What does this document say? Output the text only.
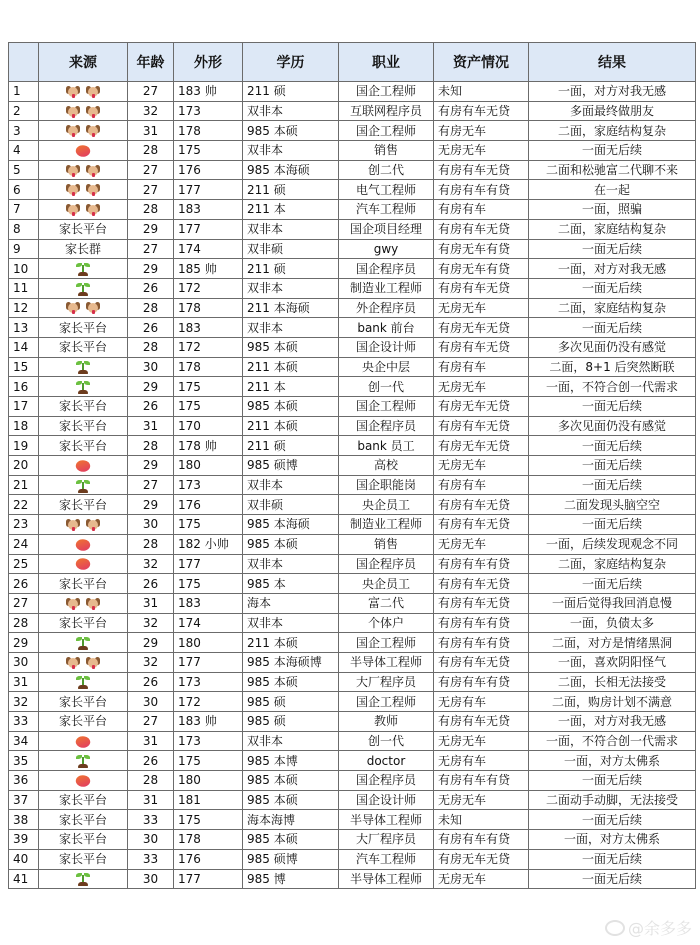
	来源	年龄	外形	学历	职业	资产情况	结果
1		27	183 帅	211 硕	国企工程师	未知	一面，对方对我无感
2		32	173	双非本	互联网程序员	有房有车无贷	多面最终做朋友
3		31	178	985 本硕	国企工程师	有房无车	二面，家庭结构复杂
4		28	175	双非本	销售	无房无车	一面无后续
5		27	176	985 本海硕	创二代	有房有车无贷	二面和松驰富二代聊不来
6		27	177	211 硕	电气工程师	有房有车有贷	在一起
7		28	183	211 本	汽车工程师	有房有车	一面，照骗
8	家长平台	29	177	双非本	国企项目经理	有房有车无贷	二面，家庭结构复杂
9	家长群	27	174	双非硕	gwy	有房无车有贷	一面无后续
10		29	185 帅	211 硕	国企程序员	有房无车有贷	一面，对方对我无感
11		26	172	双非本	制造业工程师	有房有车无贷	一面无后续
12		28	178	211 本海硕	外企程序员	无房无车	二面，家庭结构复杂
13	家长平台	26	183	双非本	bank 前台	有房无车无贷	一面无后续
14	家长平台	28	172	985 本硕	国企设计师	有房有车无贷	多次见面仍没有感觉
15		30	178	211 本硕	央企中层	有房有车	二面，8+1 后突然断联
16		29	175	211 本	创一代	无房无车	一面，不符合创一代需求
17	家长平台	26	175	985 本硕	国企工程师	有房无车无贷	一面无后续
18	家长平台	31	170	211 本硕	国企程序员	有房有车无贷	多次见面仍没有感觉
19	家长平台	28	178 帅	211 硕	bank 员工	有房无车无贷	一面无后续
20		29	180	985 硕博	高校	无房无车	一面无后续
21		27	173	双非本	国企职能岗	有房有车	一面无后续
22	家长平台	29	176	双非硕	央企员工	有房有车无贷	二面发现头脑空空
23		30	175	985 本海硕	制造业工程师	有房有车无贷	一面无后续
24		28	182 小帅	985 本硕	销售	无房无车	一面，后续发现观念不同
25		32	177	双非本	国企程序员	有房有车有贷	二面，家庭结构复杂
26	家长平台	26	175	985 本	央企员工	有房有车无贷	一面无后续
27		31	183	海本	富二代	有房有车无贷	一面后觉得我回消息慢
28	家长平台	32	174	双非本	个体户	有房有车有贷	一面，负债太多
29		29	180	211 本硕	国企工程师	有房有车有贷	二面，对方是情绪黑洞
30		32	177	985 本海硕博	半导体工程师	有房有车无贷	一面，喜欢阴阳怪气
31		26	173	985 本硕	大厂程序员	有房有车有贷	二面，长相无法接受
32	家长平台	30	172	985 硕	国企工程师	无房有车	二面，购房计划不满意
33	家长平台	27	183 帅	985 硕	教师	有房有车无贷	一面，对方对我无感
34		31	173	双非本	创一代	无房无车	一面，不符合创一代需求
35		26	175	985 本博	doctor	无房有车	一面，对方太佛系
36		28	180	985 本硕	国企程序员	有房有车有贷	一面无后续
37	家长平台	31	181	985 本硕	国企设计师	无房无车	二面动手动脚，无法接受
38	家长平台	33	175	海本海博	半导体工程师	未知	一面无后续
39	家长平台	30	178	985 本硕	大厂程序员	有房有车有贷	一面，对方太佛系
40	家长平台	33	176	985 硕博	汽车工程师	有房无车无贷	一面无后续
41		30	177	985 博	半导体工程师	无房无车	一面无后续
@余多多
